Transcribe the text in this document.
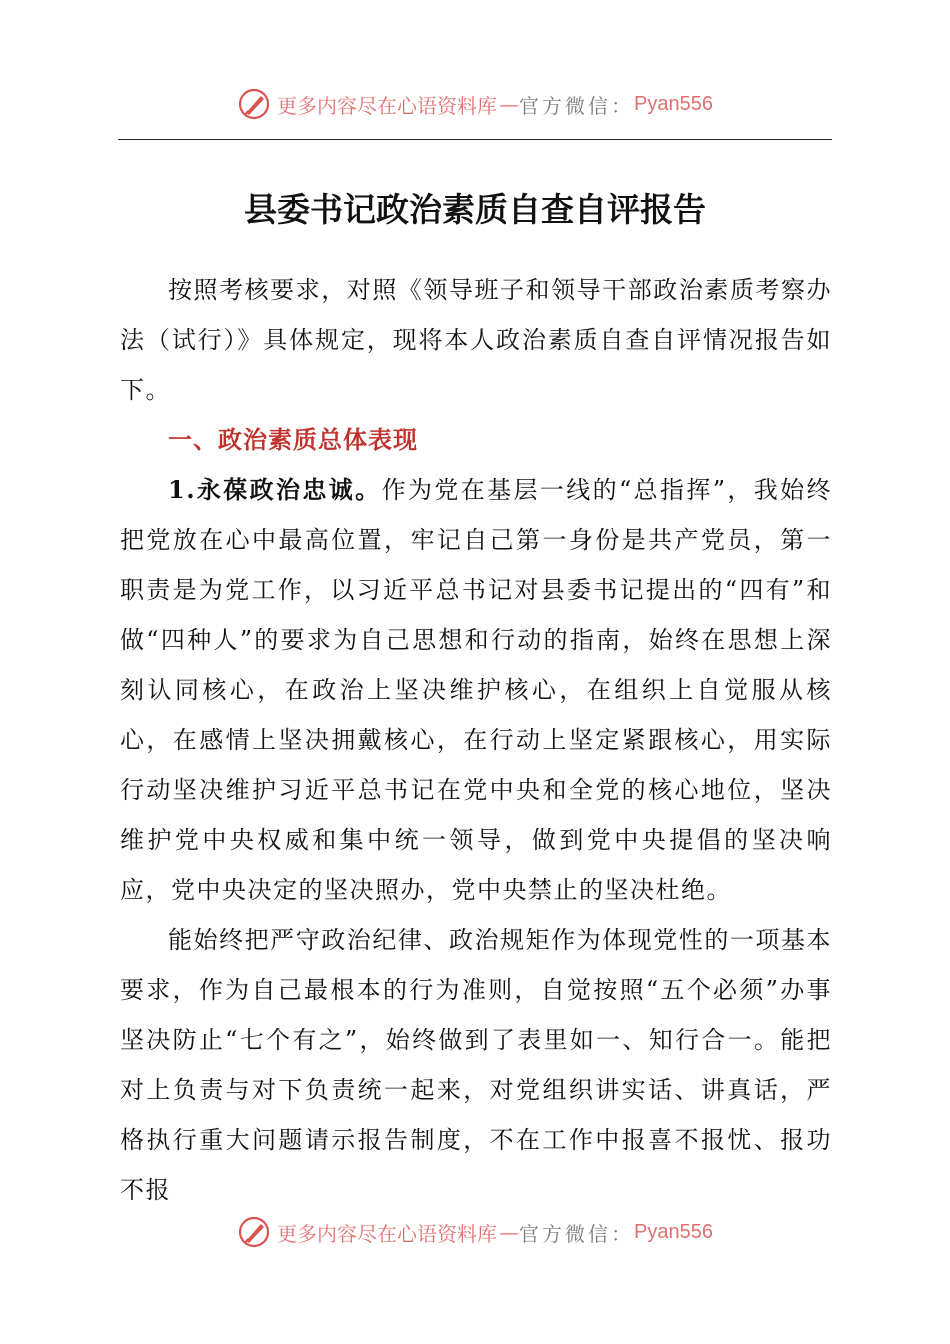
更多内容尽在心语资料库 — 官方微信： Pyan556
县委书记政治素质自查自评报告

按照考核要求，对照《领导班子和领导干部政治素质考察办法（试行）》具体规定，现将本人政治素质自查自评情况报告如下。

一、政治素质总体表现

1.永葆政治忠诚。作为党在基层一线的“总指挥”，我始终把党放在心中最高位置，牢记自己第一身份是共产党员，第一职责是为党工作，以习近平总书记对县委书记提出的“四有”和做“四种人”的要求为自己思想和行动的指南，始终在思想上深刻认同核心，在政治上坚决维护核心，在组织上自觉服从核心，在感情上坚决拥戴核心，在行动上坚定紧跟核心，用实际行动坚决维护习近平总书记在党中央和全党的核心地位，坚决维护党中央权威和集中统一领导，做到党中央提倡的坚决响应，党中央决定的坚决照办，党中央禁止的坚决杜绝。

能始终把严守政治纪律、政治规矩作为体现党性的一项基本要求，作为自己最根本的行为准则，自觉按照“五个必须”办事坚决防止“七个有之”，始终做到了表里如一、知行合一。能把对上负责与对下负责统一起来，对党组织讲实话、讲真话，严格执行重大问题请示报告制度，不在工作中报喜不报忧、报功不报

更多内容尽在心语资料库 — 官方微信： Pyan556
